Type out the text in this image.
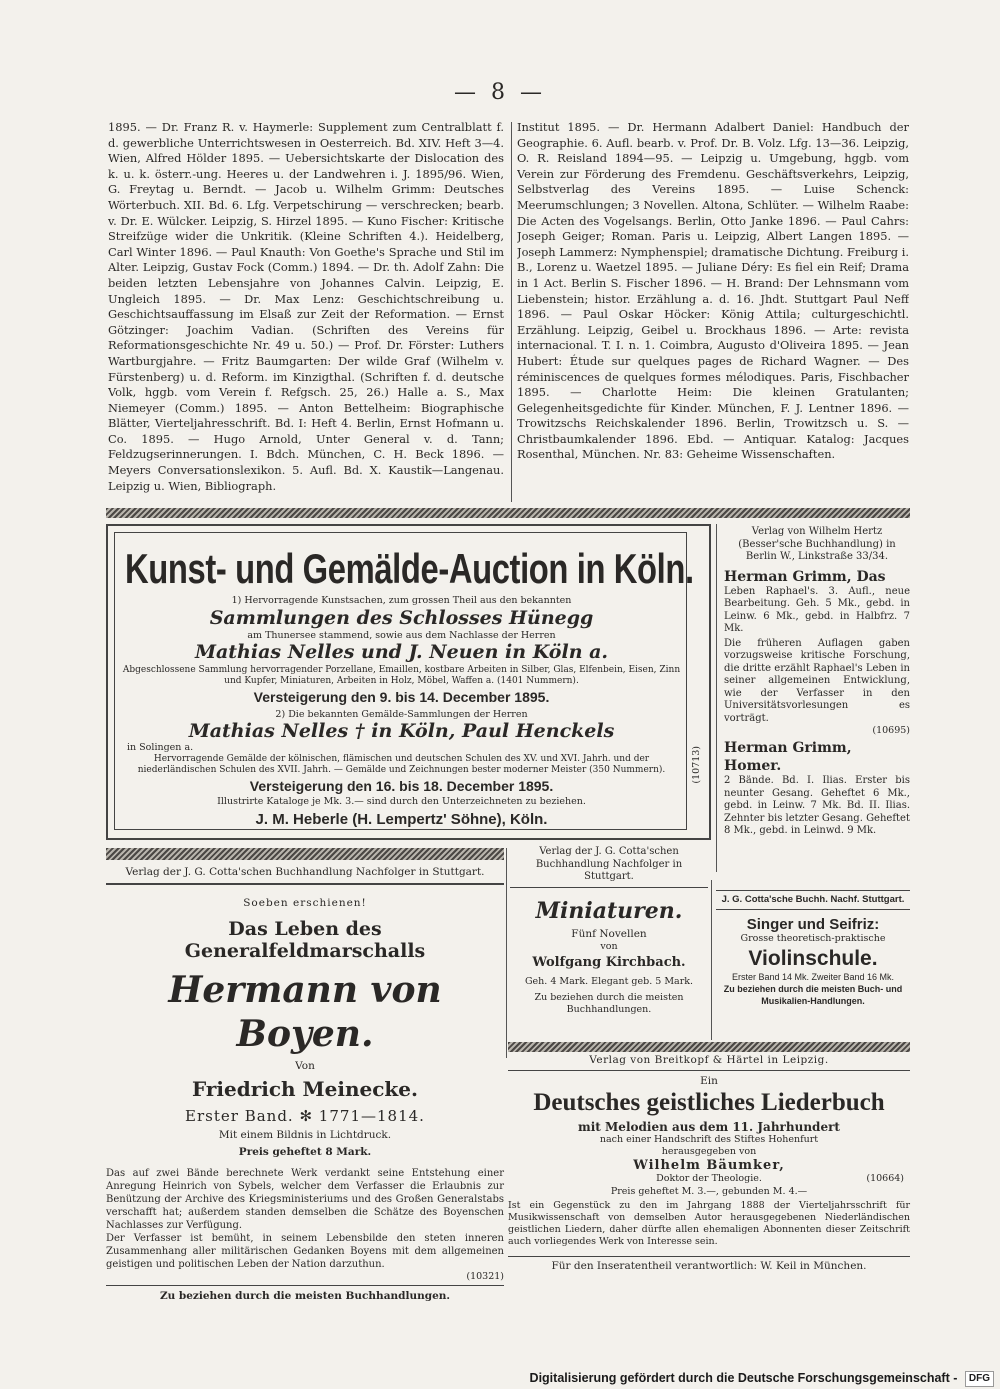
— 8 —

1895. — Dr. Franz R. v. Haymerle: Supplement zum Centralblatt f. d. gewerbliche Unterrichtswesen in Oesterreich. Bd. XIV. Heft 3—4. Wien, Alfred Hölder 1895. — Uebersichtskarte der Dislocation des k. u. k. österr.-ung. Heeres u. der Landwehren i. J. 1895/96. Wien, G. Freytag u. Berndt. — Jacob u. Wilhelm Grimm: Deutsches Wörterbuch. XII. Bd. 6. Lfg. Verpetschirung — verschrecken; bearb. v. Dr. E. Wülcker. Leipzig, S. Hirzel 1895. — Kuno Fischer: Kritische Streifzüge wider die Unkritik. (Kleine Schriften 4.). Heidelberg, Carl Winter 1896. — Paul Knauth: Von Goethe's Sprache und Stil im Alter. Leipzig, Gustav Fock (Comm.) 1894. — Dr. th. Adolf Zahn: Die beiden letzten Lebensjahre von Johannes Calvin. Leipzig, E. Ungleich 1895. — Dr. Max Lenz: Geschichtschreibung u. Geschichtsauffassung im Elsaß zur Zeit der Reformation. — Ernst Götzinger: Joachim Vadian. (Schriften des Vereins für Reformationsgeschichte Nr. 49 u. 50.) — Prof. Dr. Förster: Luthers Wartburgjahre. — Fritz Baumgarten: Der wilde Graf (Wilhelm v. Fürstenberg) u. d. Reform. im Kinzigthal. (Schriften f. d. deutsche Volk, hggb. vom Verein f. Refgsch. 25, 26.) Halle a. S., Max Niemeyer (Comm.) 1895. — Anton Bettelheim: Biographische Blätter, Vierteljahresschrift. Bd. I: Heft 4. Berlin, Ernst Hofmann u. Co. 1895. — Hugo Arnold, Unter General v. d. Tann; Feldzugserinnerungen. I. Bdch. München, C. H. Beck 1896. — Meyers Conversationslexikon. 5. Aufl. Bd. X. Kaustik—Langenau. Leipzig u. Wien, Bibliograph.

Institut 1895. — Dr. Hermann Adalbert Daniel: Handbuch der Geographie. 6. Aufl. bearb. v. Prof. Dr. B. Volz. Lfg. 13—36. Leipzig, O. R. Reisland 1894—95. — Leipzig u. Umgebung, hggb. vom Verein zur Förderung des Fremdenu. Geschäftsverkehrs, Leipzig, Selbstverlag des Vereins 1895. — Luise Schenck: Meerumschlungen; 3 Novellen. Altona, Schlüter. — Wilhelm Raabe: Die Acten des Vogelsangs. Berlin, Otto Janke 1896. — Paul Cahrs: Joseph Geiger; Roman. Paris u. Leipzig, Albert Langen 1895. — Joseph Lammerz: Nymphenspiel; dramatische Dichtung. Freiburg i. B., Lorenz u. Waetzel 1895. — Juliane Déry: Es fiel ein Reif; Drama in 1 Act. Berlin S. Fischer 1896. — H. Brand: Der Lehnsmann vom Liebenstein; histor. Erzählung a. d. 16. Jhdt. Stuttgart Paul Neff 1896. — Paul Oskar Höcker: König Attila; culturgeschichtl. Erzählung. Leipzig, Geibel u. Brockhaus 1896. — Arte: revista internacional. T. I. n. 1. Coimbra, Augusto d'Oliveira 1895. — Jean Hubert: Étude sur quelques pages de Richard Wagner. — Des réminiscences de quelques formes mélodiques. Paris, Fischbacher 1895. — Charlotte Heim: Die kleinen Gratulanten; Gelegenheitsgedichte für Kinder. München, F. J. Lentner 1896. — Trowitzschs Reichskalender 1896. Berlin, Trowitzsch u. S. — Christbaumkalender 1896. Ebd. — Antiquar. Katalog: Jacques Rosenthal, München. Nr. 83: Geheime Wissenschaften.

Kunst- und Gemälde-Auction in Köln.
1) Hervorragende Kunstsachen, zum grossen Theil aus den bekannten
Sammlungen des Schlosses Hünegg
am Thunersee stammend, sowie aus dem Nachlasse der Herren
Mathias Nelles und J. Neuen in Köln a.
Abgeschlossene Sammlung hervorragender Porzellane, Emaillen, kostbare Arbeiten in Silber, Glas, Elfenbein, Eisen, Zinn und Kupfer, Miniaturen, Arbeiten in Holz, Möbel, Waffen a. (1401 Nummern).
Versteigerung den 9. bis 14. December 1895.
2) Die bekannten Gemälde-Sammlungen der Herren
Mathias Nelles † in Köln, Paul Henckels
in Solingen a.
Hervorragende Gemälde der kölnischen, flämischen und deutschen Schulen des XV. und XVI. Jahrh. und der niederländischen Schulen des XVII. Jahrh. — Gemälde und Zeichnungen bester moderner Meister (350 Nummern).
Versteigerung den 16. bis 18. December 1895.
Illustrirte Kataloge je Mk. 3.— sind durch den Unterzeichneten zu beziehen.
J. M. Heberle (H. Lempertz' Söhne), Köln.
(10713)
Verlag von Wilhelm Hertz (Besser'sche Buchhandlung) in Berlin W., Linkstraße 33/34.
Herman Grimm, Das
Leben Raphael's. 3. Aufl., neue Bearbeitung. Geh. 5 Mk., gebd. in Leinw. 6 Mk., gebd. in Halbfrz. 7 Mk.
Die früheren Auflagen gaben vorzugsweise kritische Forschung, die dritte erzählt Raphael's Leben in seiner allgemeinen Entwicklung, wie der Verfasser in den Universitätsvorlesungen es vorträgt.
(10695)
Herman Grimm, Homer.
2 Bände. Bd. I. Ilias. Erster bis neunter Gesang. Geheftet 6 Mk., gebd. in Leinw. 7 Mk. Bd. II. Ilias. Zehnter bis letzter Gesang. Geheftet 8 Mk., gebd. in Leinwd. 9 Mk.
Verlag der J. G. Cotta'schen Buchhandlung Nachfolger in Stuttgart.
Soeben erschienen!
Das Leben des Generalfeldmarschalls
Hermann von Boyen.
Von
Friedrich Meinecke.
Erster Band. ✻ 1771—1814.
Mit einem Bildnis in Lichtdruck.
Preis geheftet 8 Mark.
Das auf zwei Bände berechnete Werk verdankt seine Entstehung einer Anregung Heinrich von Sybels, welcher dem Verfasser die Erlaubnis zur Benützung der Archive des Kriegsministeriums und des Großen Generalstabs verschafft hat; außerdem standen demselben die Schätze des Boyenschen Nachlasses zur Verfügung.
Der Verfasser ist bemüht, in seinem Lebensbilde den steten inneren Zusammenhang aller militärischen Gedanken Boyens mit dem allgemeinen geistigen und politischen Leben der Nation darzuthun.
(10321)
Zu beziehen durch die meisten Buchhandlungen.
Verlag der J. G. Cotta'schen Buchhandlung Nachfolger in Stuttgart.
Miniaturen.
Fünf Novellen
von
Wolfgang Kirchbach.
Geh. 4 Mark. Elegant geb. 5 Mark.
Zu beziehen durch die meisten Buchhandlungen.
J. G. Cotta'sche Buchh. Nachf. Stuttgart.
Singer und Seifriz:
Grosse theoretisch-praktische
Violinschule.
Erster Band 14 Mk. Zweiter Band 16 Mk.
Zu beziehen durch die meisten Buch- und Musikalien-Handlungen.
Verlag von Breitkopf & Härtel in Leipzig.
Ein
Deutsches geistliches Liederbuch
mit Melodien aus dem 11. Jahrhundert
nach einer Handschrift des Stiftes Hohenfurt
herausgegeben von
Wilhelm Bäumker,
Doktor der Theologie.	(10664)
Preis geheftet M. 3.—, gebunden M. 4.—
Ist ein Gegenstück zu den im Jahrgang 1888 der Vierteljahrsschrift für Musikwissenschaft von demselben Autor herausgegebenen Niederländischen geistlichen Liedern, daher dürfte allen ehemaligen Abonnenten dieser Zeitschrift auch vorliegendes Werk von Interesse sein.
Für den Inseratentheil verantwortlich: W. Keil in München.
Digitalisierung gefördert durch die Deutsche Forschungsgemeinschaft - DFG
